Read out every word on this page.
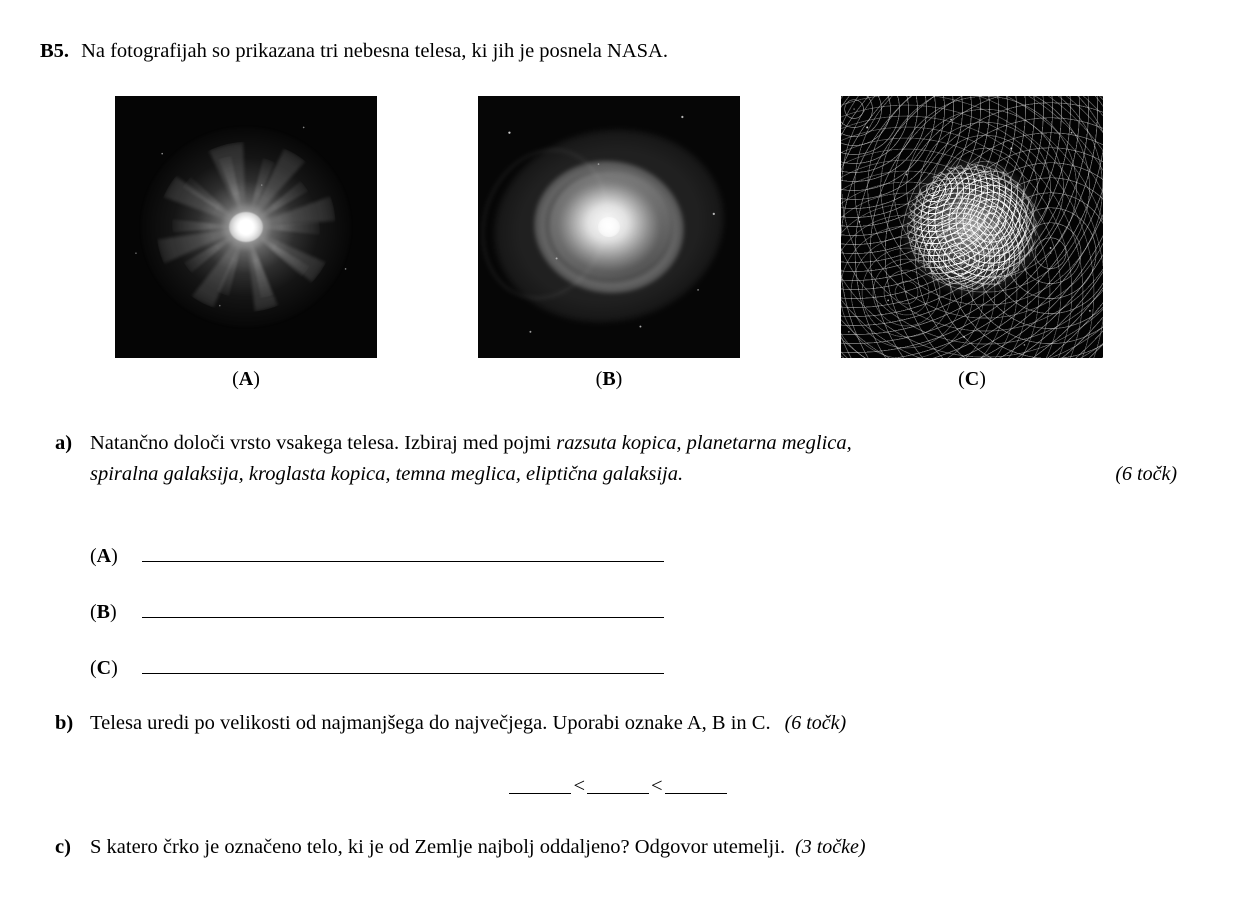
B5. Na fotografijah so prikazana tri nebesna telesa, ki jih je posnela NASA.
(A)	(B)	(C)
a) Natančno določi vrsto vsakega telesa. Izbiraj med pojmi razsuta kopica, planetarna meglica,
spiralna galaksija, kroglasta kopica, temna meglica, eliptična galaksija.	(6 točk)
(A)
(B)
(C)
b) Telesa uredi po velikosti od najmanjšega do največjega. Uporabi oznake A, B in C. (6 točk)
<	<
c) S katero črko je označeno telo, ki je od Zemlje najbolj oddaljeno? Odgovor utemelji. (3 točke)
